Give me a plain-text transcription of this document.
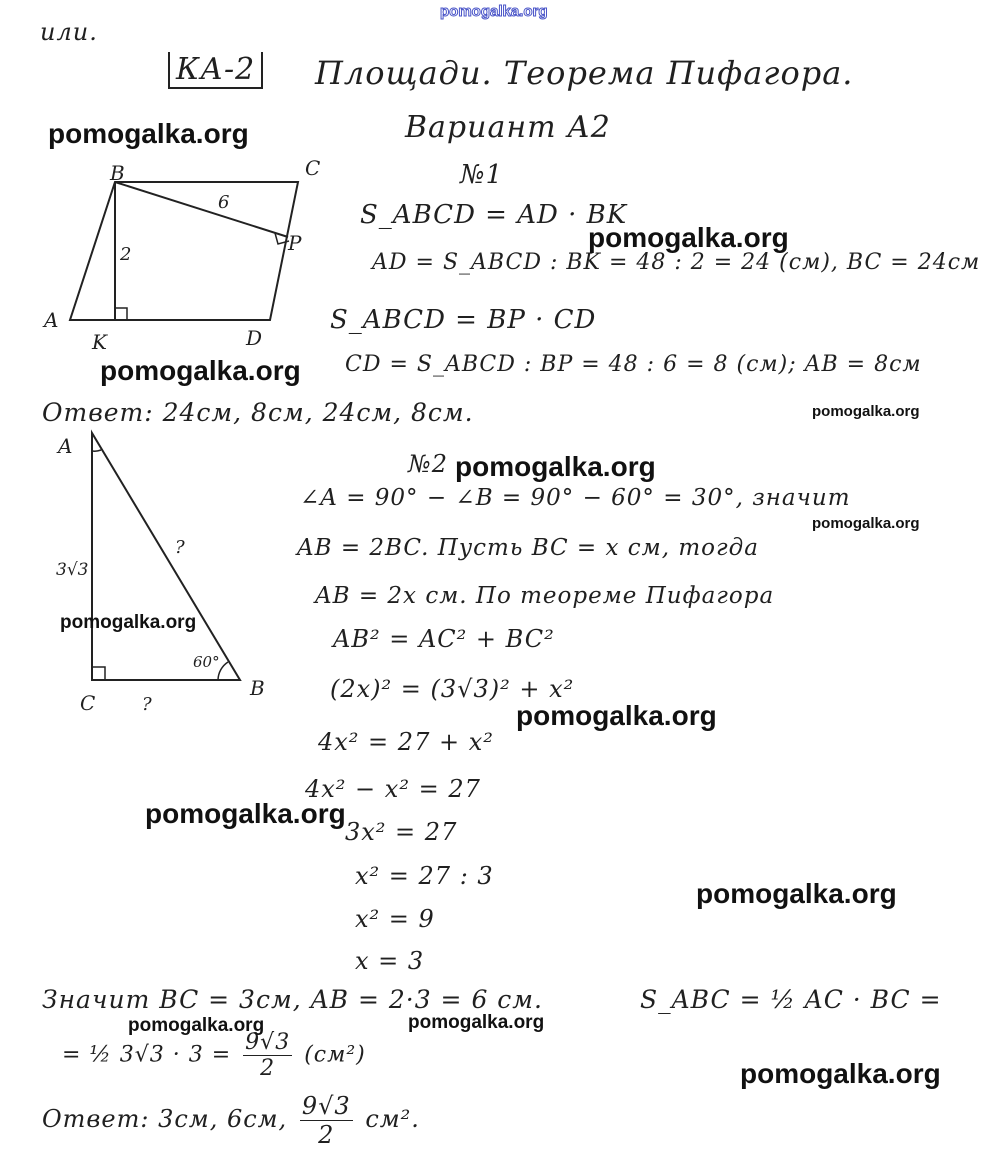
pomogalka.org
или.
КА-2 Площади. Теорема Пифагора.
Вариант А2
№1
B	C
A
D
K
P
2
6	S_ABCD = AD · BK
AD = S_ABCD : BK = 48 : 2 = 24 (см), BC = 24см
S_ABCD = BP · CD
CD = S_ABCD : BP = 48 : 6 = 8 (см); AB = 8см
Ответ: 24см, 8см, 24см, 8см.
№2
A
C
B
3√3
?
?
60°
∠A = 90° − ∠B = 90° − 60° = 30°, значит
AB = 2BC. Пусть BC = x см, тогда
AB = 2x см. По теореме Пифагора
AB² = AC² + BC²
(2x)² = (3√3)² + x²
4x² = 27 + x²
4x² − x² = 27
3x² = 27
x² = 27 : 3
x² = 9
x = 3
Значит BC = 3см, AB = 2·3 = 6 см.	S_ABC = ½ AC · BC =
= ½ $3√3 \cdot 3 = \frac{9√3}{2} (см^2)$
Ответ: 3см, 6см, $\frac{9√3}{2} см^2$.
pomogalka.org
pomogalka.org
pomogalka.org
pomogalka.org
pomogalka.org
pomogalka.org
pomogalka.org
pomogalka.org
pomogalka.org
pomogalka.org
pomogalka.org	pomogalka.org
pomogalka.org
